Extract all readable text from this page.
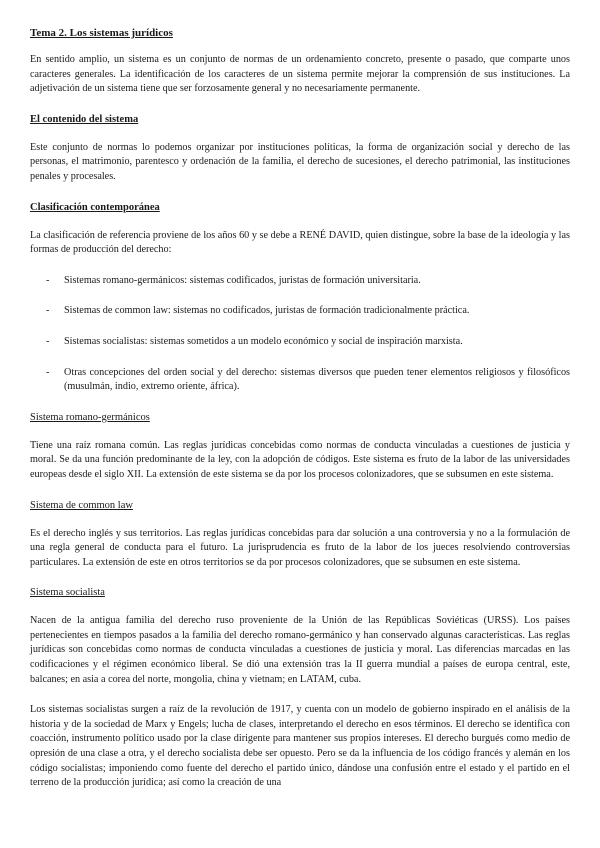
Tema 2. Los sistemas jurídicos

En sentido amplio, un sistema es un conjunto de normas de un ordenamiento concreto, presente o pasado, que comparte unos caracteres generales. La identificación de los caracteres de un sistema permite mejorar la comprensión de sus instituciones. La adjetivación de un sistema tiene que ser forzosamente general y no necesariamente permanente.

El contenido del sistema

Este conjunto de normas lo podemos organizar por instituciones políticas, la forma de organización social y derecho de las personas, el matrimonio, parentesco y ordenación de la familia, el derecho de sucesiones, el derecho patrimonial, las instituciones penales y procesales.

Clasificación contemporánea

La clasificación de referencia proviene de los años 60 y se debe a RENÉ DAVID, quien distingue, sobre la base de la ideología y las formas de producción del derecho:

- Sistemas romano-germánicos: sistemas codificados, juristas de formación universitaria.
- Sistemas de common law: sistemas no codificados, juristas de formación tradicionalmente práctica.
- Sistemas socialistas: sistemas sometidos a un modelo económico y social de inspiración marxista.
- Otras concepciones del orden social y del derecho: sistemas diversos que pueden tener elementos religiosos y filosóficos (musulmán, indio, extremo oriente, áfrica).
Sistema romano-germánicos

Tiene una raíz romana común. Las reglas jurídicas concebidas como normas de conducta vinculadas a cuestiones de justicia y moral. Se da una función predominante de la ley, con la adopción de códigos. Este sistema es fruto de la labor de las universidades europeas desde el siglo XII. La extensión de este sistema se da por los procesos colonizadores, que se subsumen en este sistema.

Sistema de common law

Es el derecho inglés y sus territorios. Las reglas jurídicas concebidas para dar solución a una controversia y no a la formulación de una regla general de conducta para el futuro. La jurisprudencia es fruto de la labor de los jueces resolviendo controversias particulares. La extensión de este en otros territorios se da por procesos colonizadores, que se subsumen en este sistema.

Sistema socialista

Nacen de la antigua familia del derecho ruso proveniente de la Unión de las Repúblicas Soviéticas (URSS). Los países pertenecientes en tiempos pasados a la familia del derecho romano-germánico y han conservado algunas características. Las reglas jurídicas son concebidas como normas de conducta vinculadas a cuestiones de justicia y moral. Las diferencias marcadas en las codificaciones y el régimen económico liberal. Se dió una extensión tras la II guerra mundial a países de europa central, este, balcanes; en asia a corea del norte, mongolia, china y vietnam; en LATAM, cuba.

Los sistemas socialistas surgen a raíz de la revolución de 1917, y cuenta con un modelo de gobierno inspirado en el análisis de la historia y de la sociedad de Marx y Engels; lucha de clases, interpretando el derecho en esos términos. El derecho se identifica con coacción, instrumento político usado por la clase dirigente para mantener sus propios intereses. El derecho burgués como medio de opresión de una clase a otra, y el derecho socialista debe ser opuesto. Pero se da la influencia de los código francés y alemán en los código socialistas; imponiendo como fuente del derecho el partido único, dándose una confusión entre el estado y el partido en el terreno de la producción jurídica; así como la creación de una
